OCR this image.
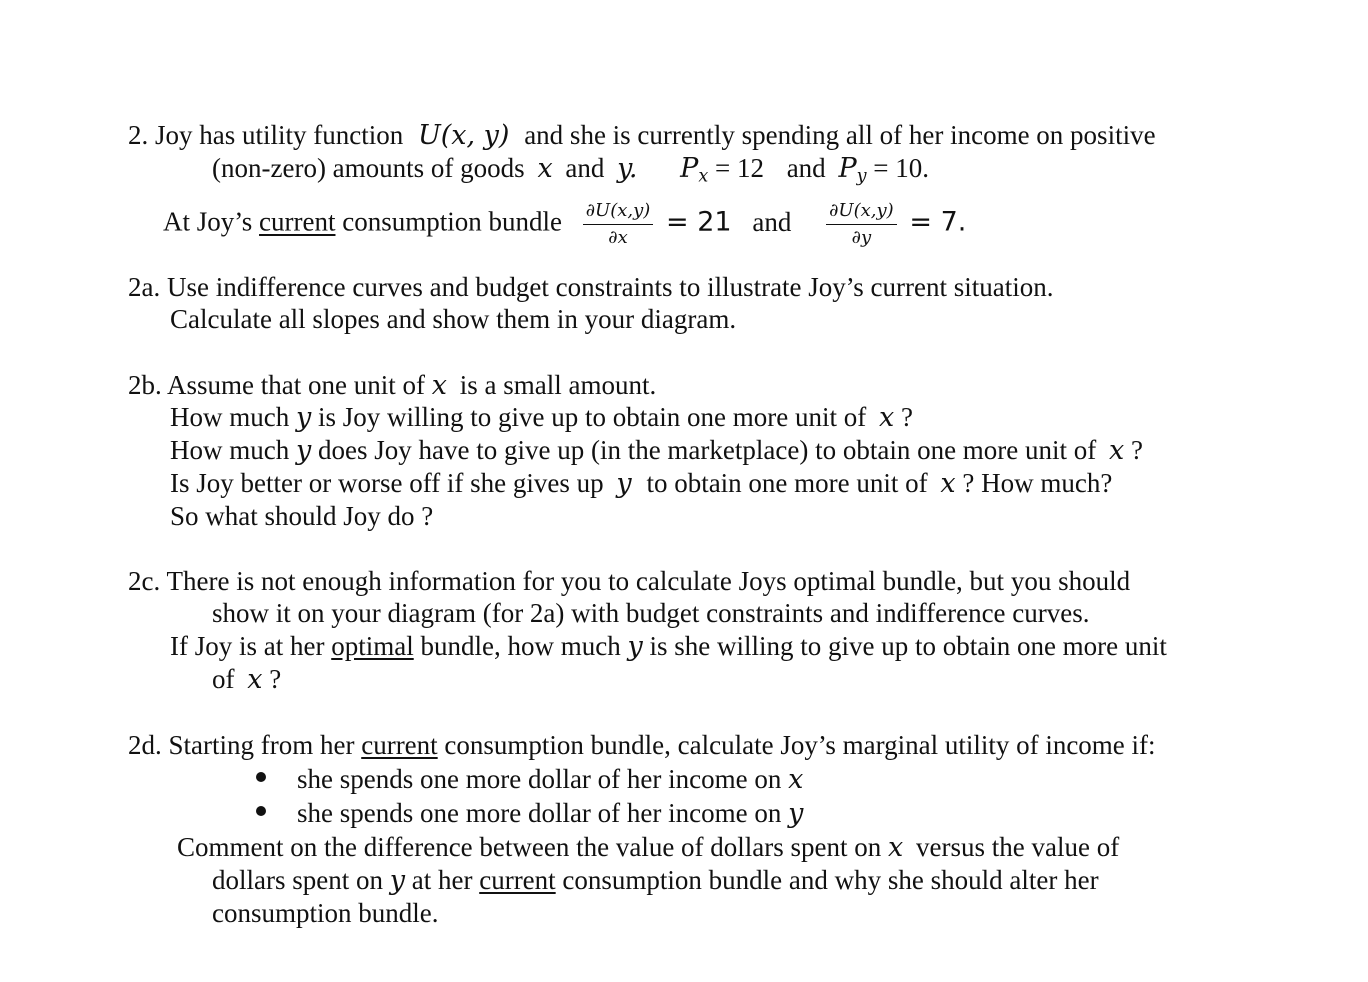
2. Joy has utility function U(x, y) and she is currently spending all of her income on positive
(non-zero) amounts of goods x and y. $P_x = 12$ and $P_y = 10$.
At Joy’s current consumption bundle $\frac{\partial U(x,y)}{\partial x} = 21$ and $\frac{\partial U(x,y)}{\partial y} = 7$.
2a. Use indifference curves and budget constraints to illustrate Joy’s current situation.
Calculate all slopes and show them in your diagram.
2b. Assume that one unit of x is a small amount.
How much y is Joy willing to give up to obtain one more unit of x ?
How much y does Joy have to give up (in the marketplace) to obtain one more unit of x ?
Is Joy better or worse off if she gives up y to obtain one more unit of x ? How much?
So what should Joy do ?
2c. There is not enough information for you to calculate Joys optimal bundle, but you should
show it on your diagram (for 2a) with budget constraints and indifference curves.
If Joy is at her optimal bundle, how much y is she willing to give up to obtain one more unit
of x ?
2d. Starting from her current consumption bundle, calculate Joy’s marginal utility of income if:
she spends one more dollar of her income on x
she spends one more dollar of her income on y
Comment on the difference between the value of dollars spent on x versus the value of
dollars spent on y at her current consumption bundle and why she should alter her
consumption bundle.
